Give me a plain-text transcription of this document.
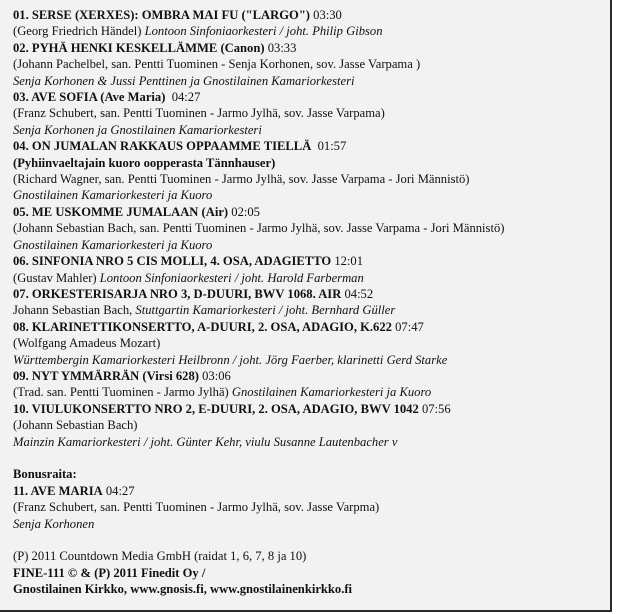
01. SERSE (XERXES): OMBRA MAI FU ("LARGO") 03:30
(Georg Friedrich Händel) Lontoon Sinfoniaorkesteri / joht. Philip Gibson
02. PYHÄ HENKI KESKELLÄMME (Canon) 03:33
(Johann Pachelbel, san. Pentti Tuominen - Senja Korhonen, sov. Jasse Varpama )
Senja Korhonen & Jussi Penttinen ja Gnostilainen Kamariorkesteri
03. AVE SOFIA (Ave Maria) 04:27
(Franz Schubert, san. Pentti Tuominen - Jarmo Jylhä, sov. Jasse Varpama)
Senja Korhonen ja Gnostilainen Kamariorkesteri
04. ON JUMALAN RAKKAUS OPPAAMME TIELLÄ 01:57
(Pyhiinvaeltajain kuoro oopperasta Tännhauser)
(Richard Wagner, san. Pentti Tuominen - Jarmo Jylhä, sov. Jasse Varpama - Jori Männistö)
Gnostilainen Kamariorkesteri ja Kuoro
05. ME USKOMME JUMALAAN (Air) 02:05
(Johann Sebastian Bach, san. Pentti Tuominen - Jarmo Jylhä, sov. Jasse Varpama - Jori Männistö)
Gnostilainen Kamariorkesteri ja Kuoro
06. SINFONIA NRO 5 CIS MOLLI, 4. OSA, ADAGIETTO 12:01
(Gustav Mahler) Lontoon Sinfoniaorkesteri / joht. Harold Farberman
07. ORKESTERISARJA NRO 3, D-DUURI, BWV 1068. AIR 04:52
Johann Sebastian Bach, Stuttgartin Kamariorkesteri / joht. Bernhard Güller
08. KLARINETTIKONSERTTO, A-DUURI, 2. OSA, ADAGIO, K.622 07:47
(Wolfgang Amadeus Mozart)
Württembergin Kamariorkesteri Heilbronn / joht. Jörg Faerber, klarinetti Gerd Starke
09. NYT YMMÄRRÄN (Virsi 628) 03:06
(Trad. san. Pentti Tuominen - Jarmo Jylhä) Gnostilainen Kamariorkesteri ja Kuoro
10. VIULUKONSERTTO NRO 2, E-DUURI, 2. OSA, ADAGIO, BWV 1042 07:56
(Johann Sebastian Bach)
Mainzin Kamariorkesteri / joht. Günter Kehr, viulu Susanne Lautenbacher v
Bonusraita:
11. AVE MARIA 04:27
(Franz Schubert, san. Pentti Tuominen - Jarmo Jylhä, sov. Jasse Varpma)
Senja Korhonen
(P) 2011 Countdown Media GmbH (raidat 1, 6, 7, 8 ja 10)
FINE-111 © & (P) 2011 Finedit Oy /
Gnostilainen Kirkko, www.gnosis.fi, www.gnostilainenkirkko.fi
